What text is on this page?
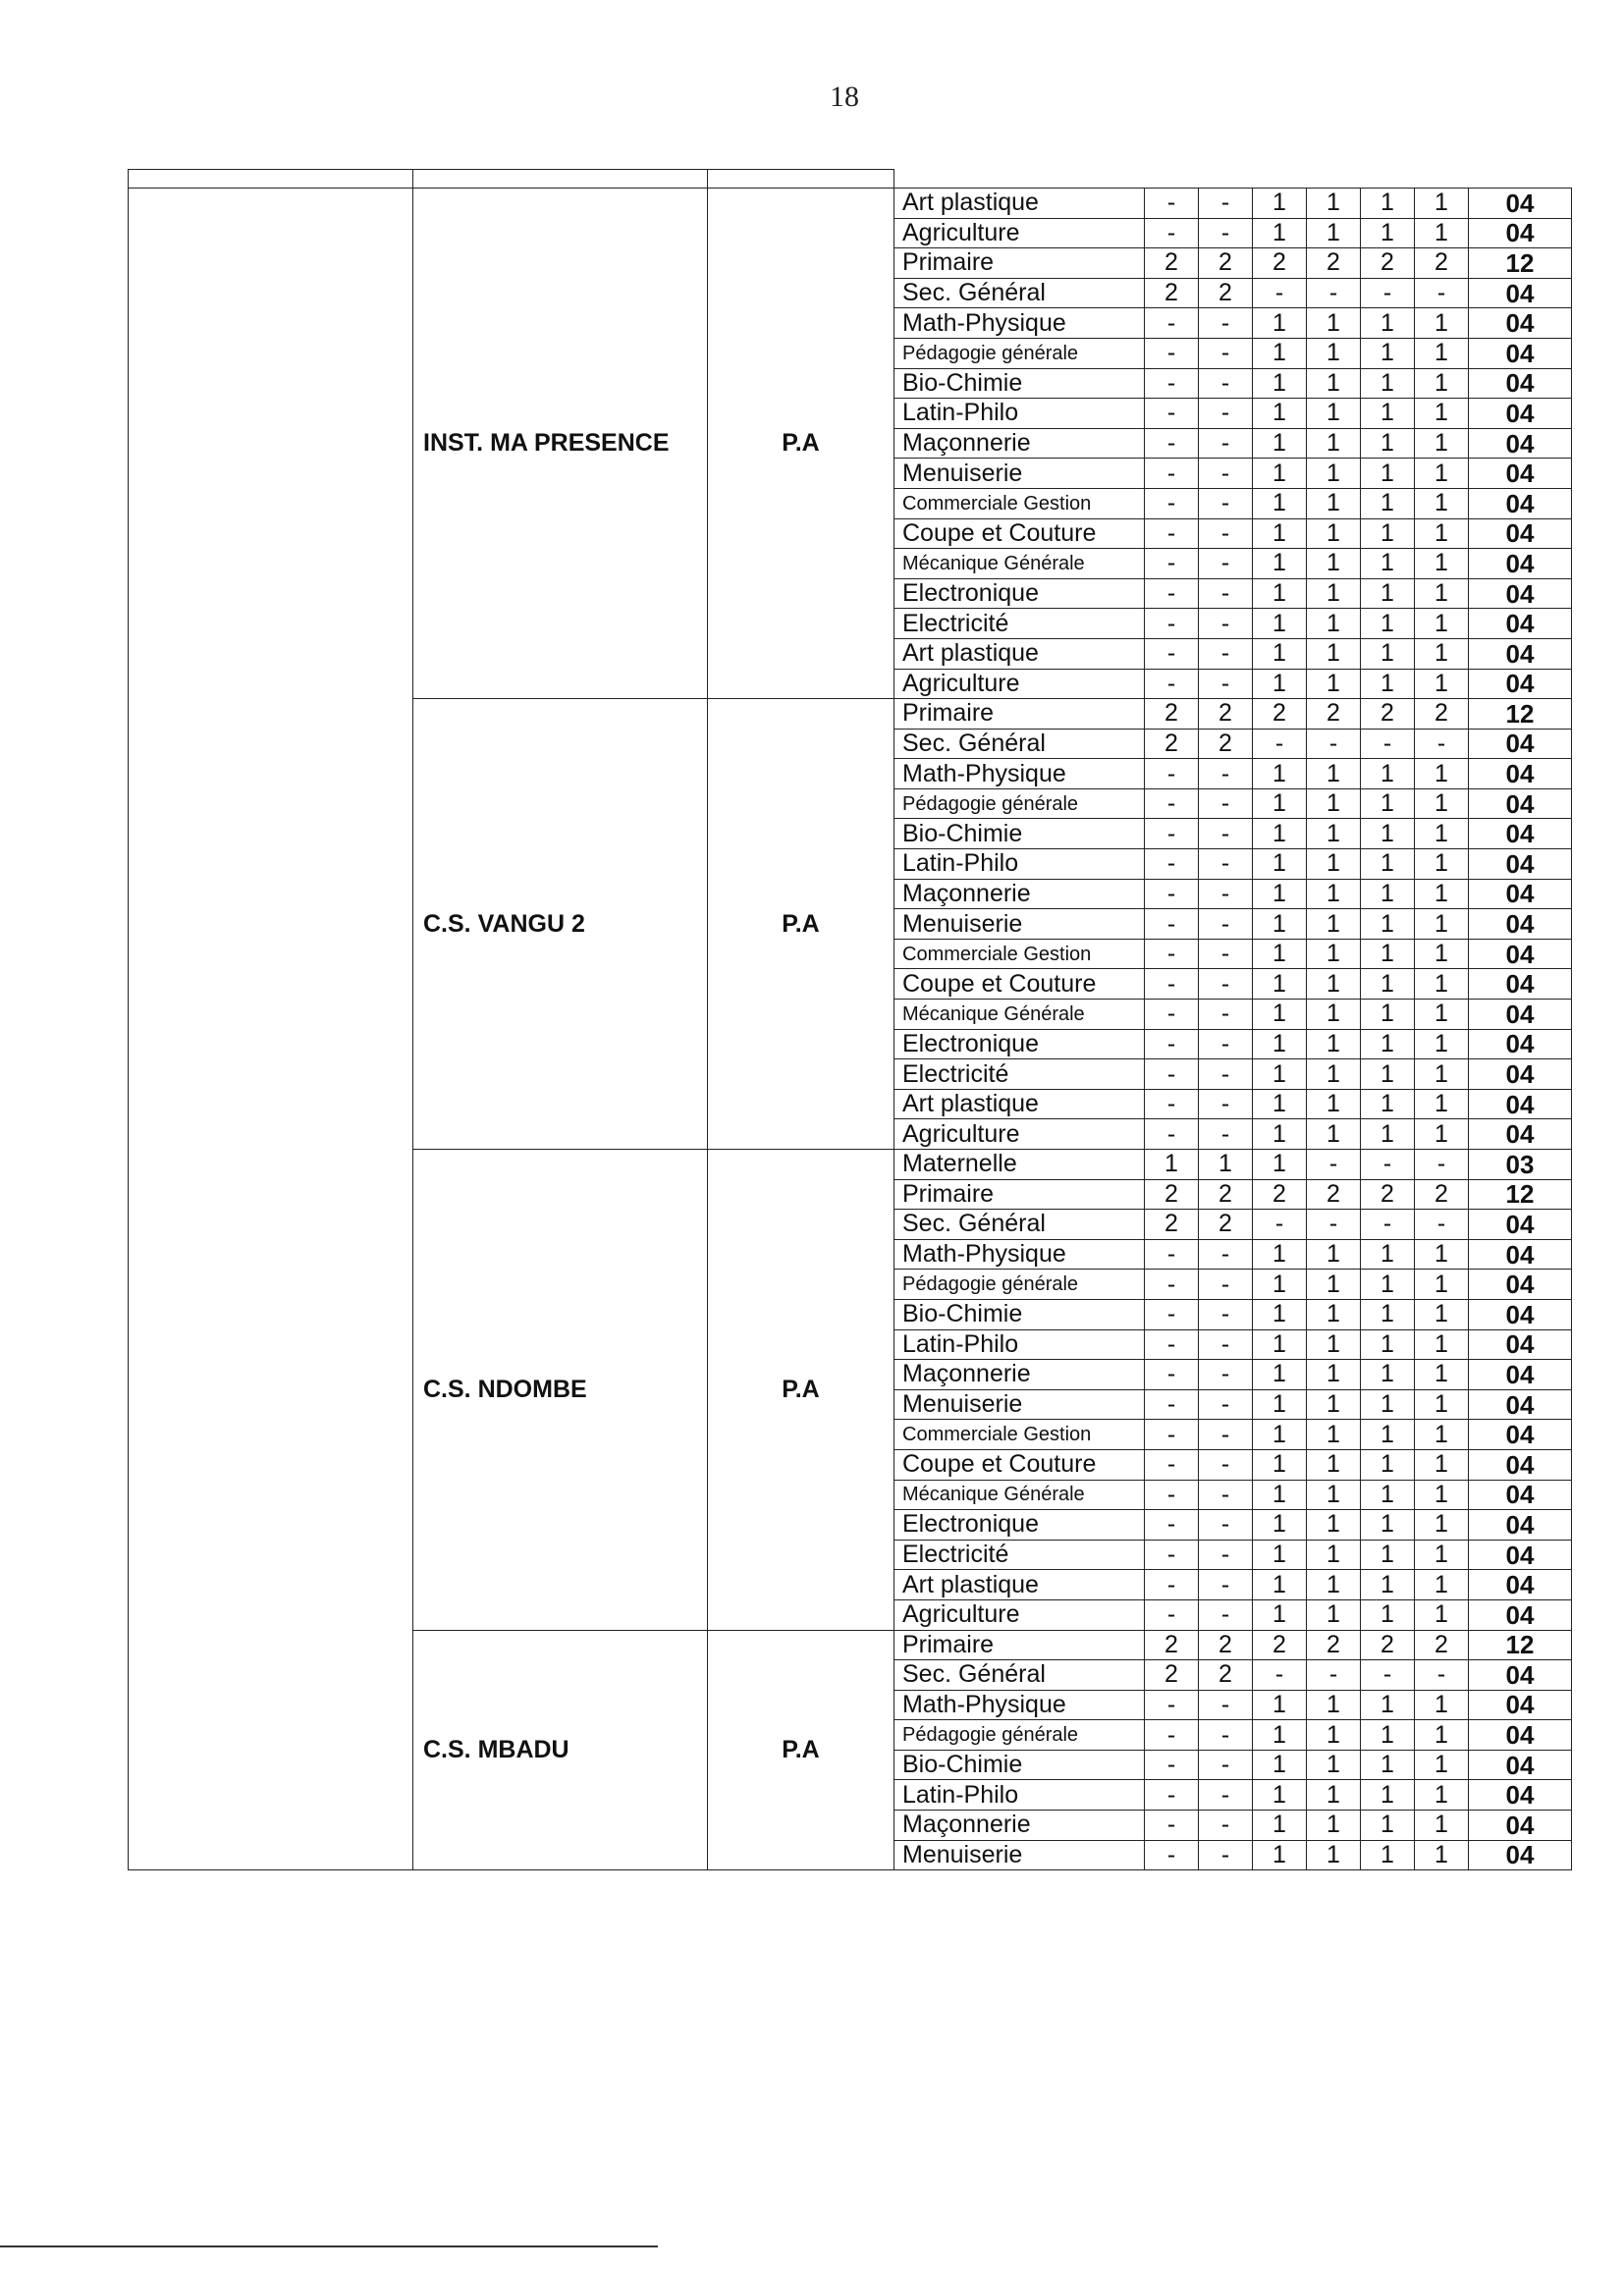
18

	INST. MA PRESENCE	P.A	Art plastique	-	-	1	1	1	1	04
			Agriculture	-	-	1	1	1	1	04
			Primaire	2	2	2	2	2	2	12
			Sec. Général	2	2	-	-	-	-	04
			Math-Physique	-	-	1	1	1	1	04
			Pédagogie générale	-	-	1	1	1	1	04
			Bio-Chimie	-	-	1	1	1	1	04
			Latin-Philo	-	-	1	1	1	1	04
			Maçonnerie	-	-	1	1	1	1	04
			Menuiserie	-	-	1	1	1	1	04
			Commerciale Gestion	-	-	1	1	1	1	04
			Coupe et Couture	-	-	1	1	1	1	04
			Mécanique Générale	-	-	1	1	1	1	04
			Electronique	-	-	1	1	1	1	04
			Electricité	-	-	1	1	1	1	04
			Art plastique	-	-	1	1	1	1	04
			Agriculture	-	-	1	1	1	1	04
	C.S. VANGU 2	P.A	Primaire	2	2	2	2	2	2	12
			Sec. Général	2	2	-	-	-	-	04
			Math-Physique	-	-	1	1	1	1	04
			Pédagogie générale	-	-	1	1	1	1	04
			Bio-Chimie	-	-	1	1	1	1	04
			Latin-Philo	-	-	1	1	1	1	04
			Maçonnerie	-	-	1	1	1	1	04
			Menuiserie	-	-	1	1	1	1	04
			Commerciale Gestion	-	-	1	1	1	1	04
			Coupe et Couture	-	-	1	1	1	1	04
			Mécanique Générale	-	-	1	1	1	1	04
			Electronique	-	-	1	1	1	1	04
			Electricité	-	-	1	1	1	1	04
			Art plastique	-	-	1	1	1	1	04
			Agriculture	-	-	1	1	1	1	04
	C.S. NDOMBE	P.A	Maternelle	1	1	1	-	-	-	03
			Primaire	2	2	2	2	2	2	12
			Sec. Général	2	2	-	-	-	-	04
			Math-Physique	-	-	1	1	1	1	04
			Pédagogie générale	-	-	1	1	1	1	04
			Bio-Chimie	-	-	1	1	1	1	04
			Latin-Philo	-	-	1	1	1	1	04
			Maçonnerie	-	-	1	1	1	1	04
			Menuiserie	-	-	1	1	1	1	04
			Commerciale Gestion	-	-	1	1	1	1	04
			Coupe et Couture	-	-	1	1	1	1	04
			Mécanique Générale	-	-	1	1	1	1	04
			Electronique	-	-	1	1	1	1	04
			Electricité	-	-	1	1	1	1	04
			Art plastique	-	-	1	1	1	1	04
			Agriculture	-	-	1	1	1	1	04
	C.S. MBADU	P.A	Primaire	2	2	2	2	2	2	12
			Sec. Général	2	2	-	-	-	-	04
			Math-Physique	-	-	1	1	1	1	04
			Pédagogie générale	-	-	1	1	1	1	04
			Bio-Chimie	-	-	1	1	1	1	04
			Latin-Philo	-	-	1	1	1	1	04
			Maçonnerie	-	-	1	1	1	1	04
			Menuiserie	-	-	1	1	1	1	04
